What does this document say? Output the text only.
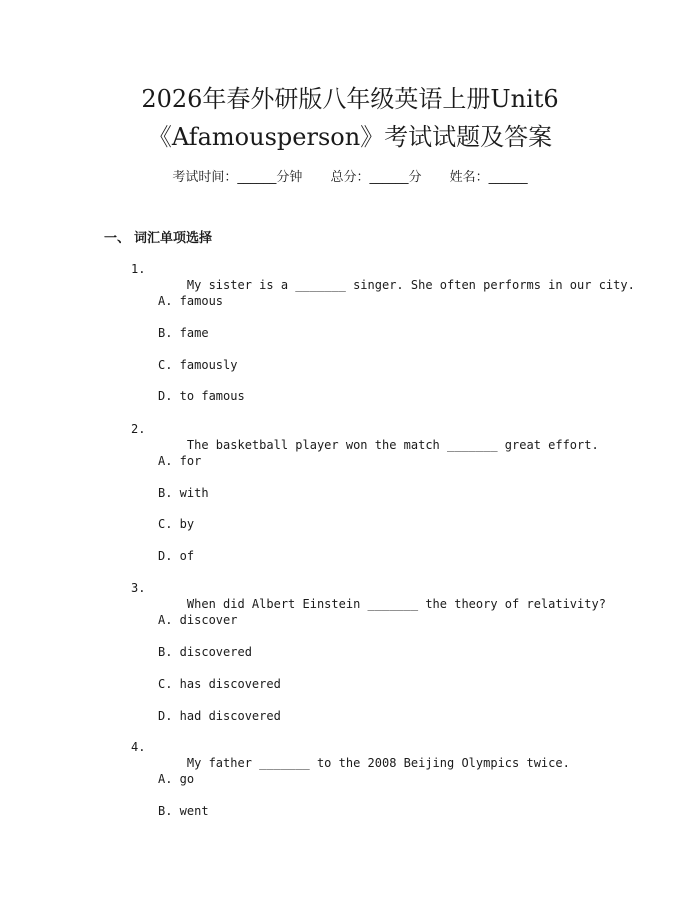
2026年春外研版八年级英语上册Unit6
《Afamousperson》考试试题及答案
考试时间：______分钟 总分：______分 姓名：______
一、 词汇单项选择

1.
My sister is a _______ singer. She often performs in our city.

A. famous
B. fame
C. famously
D. to famous

2.
The basketball player won the match _______ great effort.

A. for
B. with
C. by
D. of

3.
When did Albert Einstein _______ the theory of relativity?

A. discover
B. discovered
C. has discovered
D. had discovered

4.
My father _______ to the 2008 Beijing Olympics twice.

A. go
B. went
